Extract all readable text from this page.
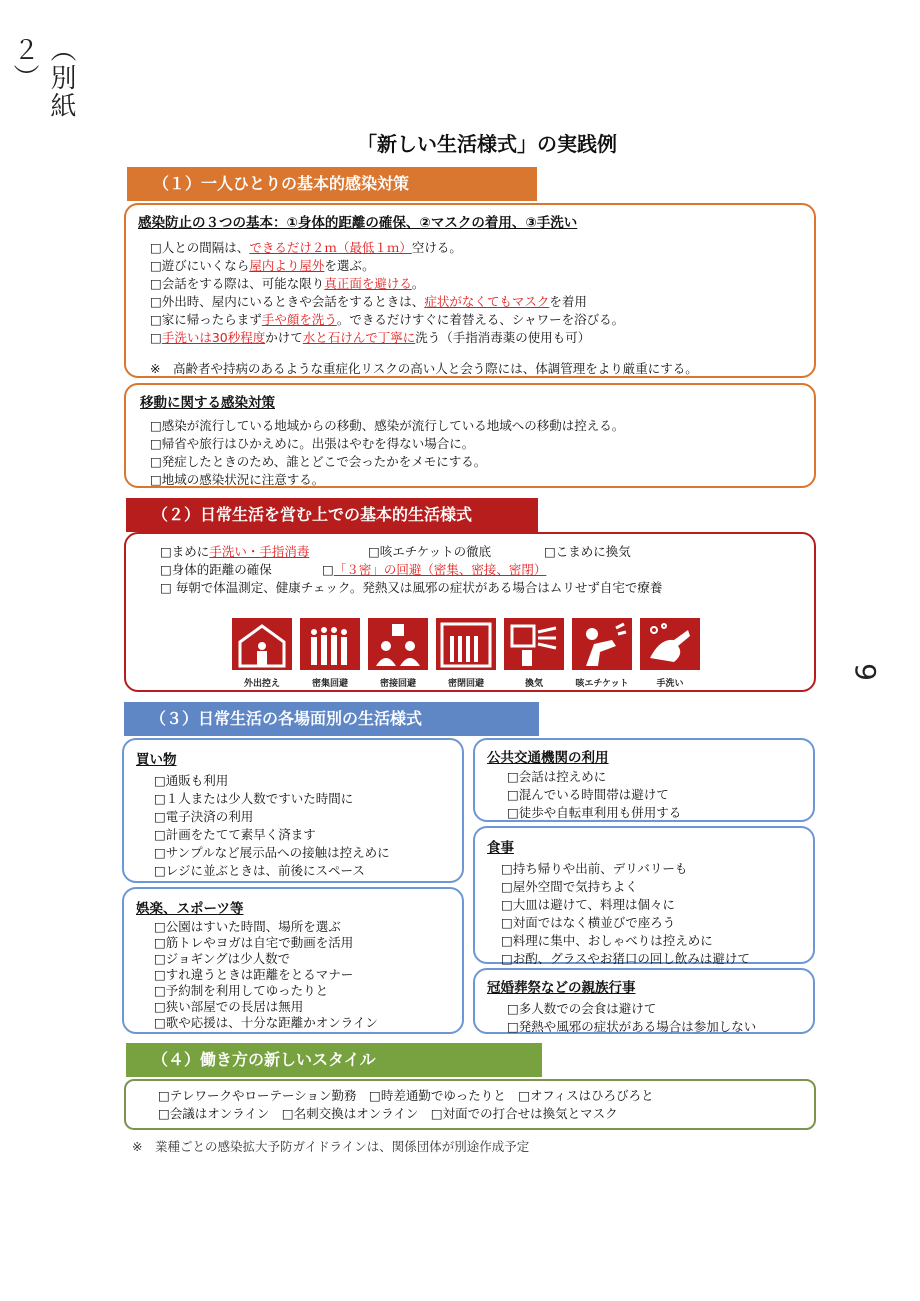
（別紙２）
9
「新しい生活様式」の実践例
（１）一人ひとりの基本的感染対策
感染防止の３つの基本：①身体的距離の確保、②マスクの着用、③手洗い
□人との間隔は、できるだけ２ｍ（最低１ｍ）空ける。
□遊びにいくなら屋内より屋外を選ぶ。
□会話をする際は、可能な限り真正面を避ける。
□外出時、屋内にいるときや会話をするときは、症状がなくてもマスクを着用
□家に帰ったらまず手や顔を洗う。できるだけすぐに着替える、シャワーを浴びる。
□手洗いは30秒程度かけて水と石けんで丁寧に洗う（手指消毒薬の使用も可）
※　高齢者や持病のあるような重症化リスクの高い人と会う際には、体調管理をより厳重にする。
移動に関する感染対策
□感染が流行している地域からの移動、感染が流行している地域への移動は控える。
□帰省や旅行はひかえめに。出張はやむを得ない場合に。
□発症したときのため、誰とどこで会ったかをメモにする。
□地域の感染状況に注意する。
（２）日常生活を営む上での基本的生活様式
□まめに手洗い・手指消毒	□咳エチケットの徹底	□こまめに換気
□身体的距離の確保	□「３密」の回避（密集、密接、密閉）
□ 毎朝で体温測定、健康チェック。発熱又は風邪の症状がある場合はムリせず自宅で療養
外出控え	密集回避	密接回避	密閉回避	換気	咳エチケット	手洗い
（３）日常生活の各場面別の生活様式
買い物
□通販も利用
□１人または少人数ですいた時間に
□電子決済の利用
□計画をたてて素早く済ます
□サンプルなど展示品への接触は控えめに
□レジに並ぶときは、前後にスペース
娯楽、スポーツ等
□公園はすいた時間、場所を選ぶ
□筋トレやヨガは自宅で動画を活用
□ジョギングは少人数で
□すれ違うときは距離をとるマナー
□予約制を利用してゆったりと
□狭い部屋での長居は無用
□歌や応援は、十分な距離かオンライン
公共交通機関の利用
□会話は控えめに
□混んでいる時間帯は避けて
□徒歩や自転車利用も併用する
食事
□持ち帰りや出前、デリバリーも
□屋外空間で気持ちよく
□大皿は避けて、料理は個々に
□対面ではなく横並びで座ろう
□料理に集中、おしゃべりは控えめに
□お酌、グラスやお猪口の回し飲みは避けて
冠婚葬祭などの親族行事
□多人数での会食は避けて
□発熱や風邪の症状がある場合は参加しない
（４）働き方の新しいスタイル
□テレワークやローテーション勤務　□時差通勤でゆったりと　□オフィスはひろびろと
□会議はオンライン　□名刺交換はオンライン　□対面での打合せは換気とマスク
※　業種ごとの感染拡大予防ガイドラインは、関係団体が別途作成予定
